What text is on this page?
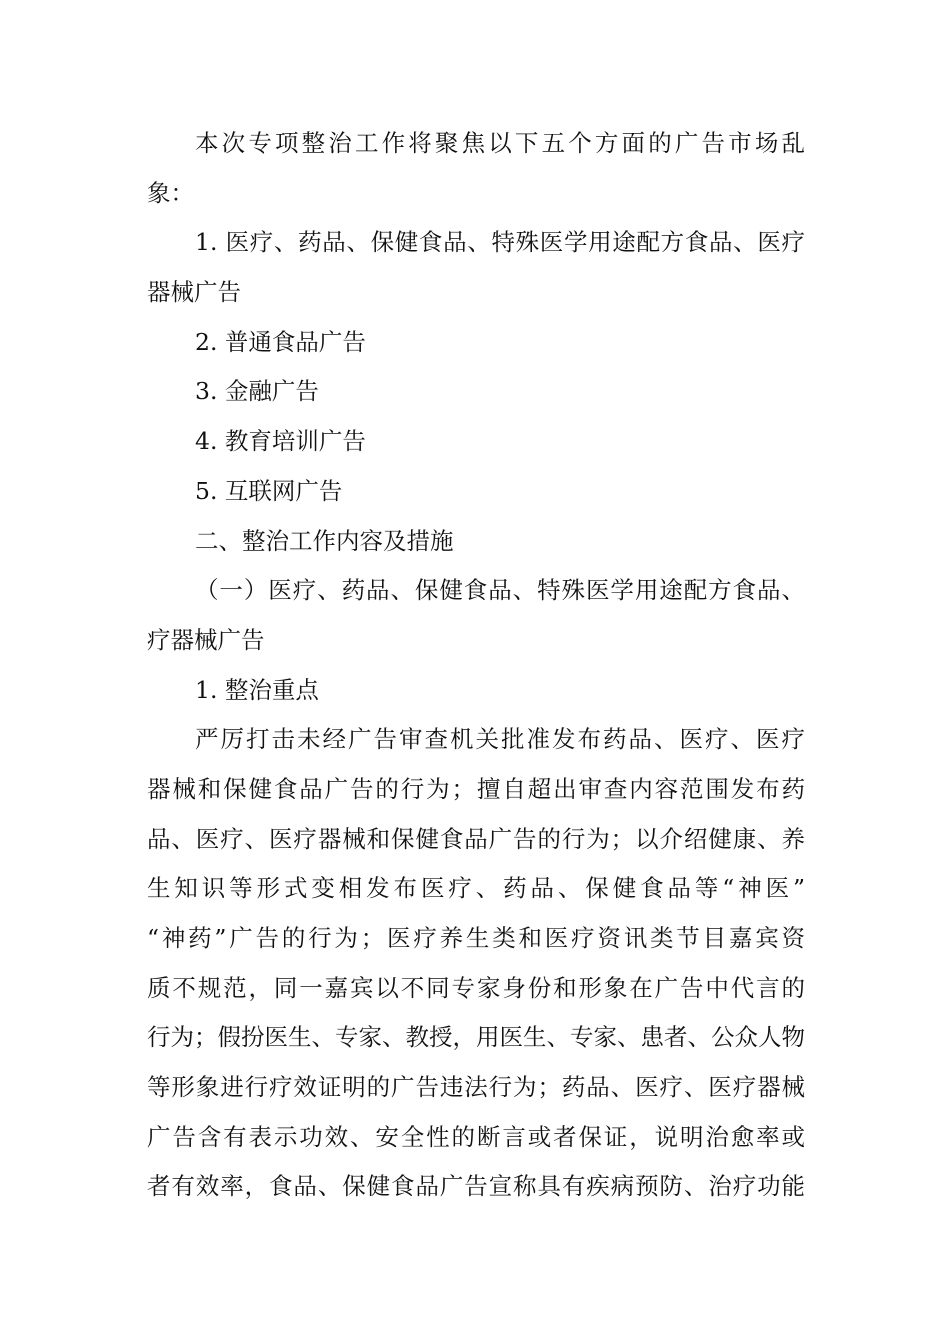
本次专项整治工作将聚焦以下五个方面的广告市场乱
象：
1. 医疗、药品、保健食品、特殊医学用途配方食品、医疗
器械广告
2. 普通食品广告
3. 金融广告
4. 教育培训广告
5. 互联网广告
二、整治工作内容及措施
（一）医疗、药品、保健食品、特殊医学用途配方食品、
疗器械广告
1. 整治重点
严厉打击未经广告审查机关批准发布药品、医疗、医疗
器械和保健食品广告的行为；擅自超出审查内容范围发布药
品、医疗、医疗器械和保健食品广告的行为；以介绍健康、养
生知识等形式变相发布医疗、药品、保健食品等“神医”
“神药”广告的行为；医疗养生类和医疗资讯类节目嘉宾资
质不规范，同一嘉宾以不同专家身份和形象在广告中代言的
行为；假扮医生、专家、教授，用医生、专家、患者、公众人物
等形象进行疗效证明的广告违法行为；药品、医疗、医疗器械
广告含有表示功效、安全性的断言或者保证，说明治愈率或
者有效率，食品、保健食品广告宣称具有疾病预防、治疗功能
